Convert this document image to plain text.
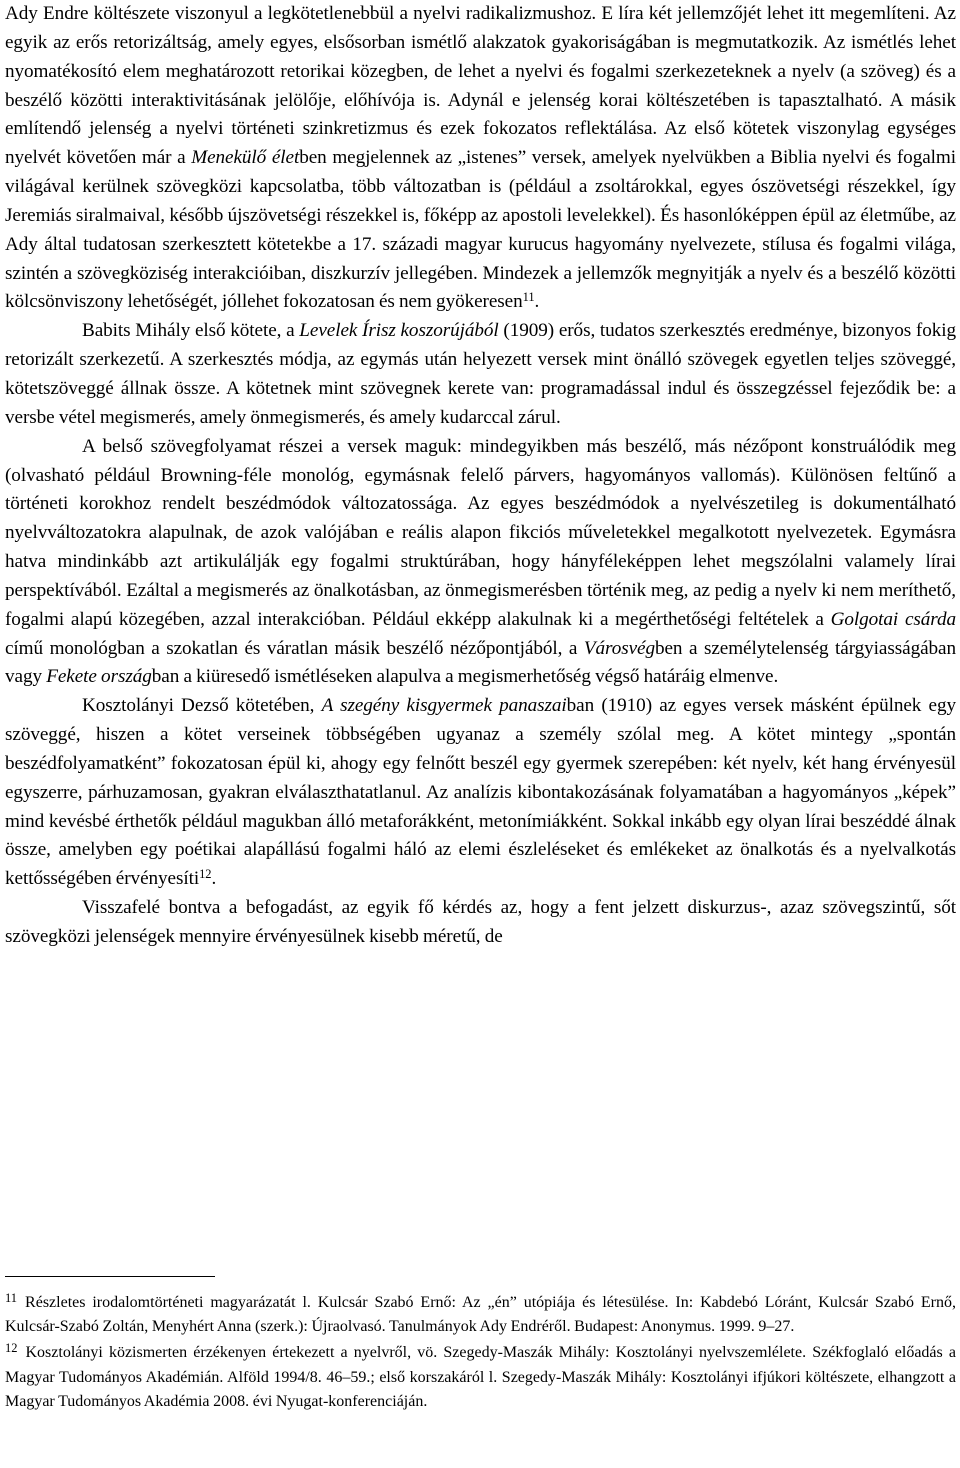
Ady Endre költészete viszonyul a legkötetlenebbül a nyelvi radikalizmushoz. E líra két jellemzőjét lehet itt megemlíteni. Az egyik az erős retorizáltság, amely egyes, elsősorban ismétlő alakzatok gyakoriságában is megmutatkozik. Az ismétlés lehet nyomatékosító elem meghatározott retorikai közegben, de lehet a nyelvi és fogalmi szerkezeteknek a nyelv (a szöveg) és a beszélő közötti interaktivitásának jelölője, előhívója is. Adynál e jelenség korai költészetében is tapasztalható. A másik említendő jelenség a nyelvi történeti szinkretizmus és ezek fokozatos reflektálása. Az első kötetek viszonylag egységes nyelvét követően már a Menekülő életben megjelennek az „istenes” versek, amelyek nyelvükben a Biblia nyelvi és fogalmi világával kerülnek szövegközi kapcsolatba, több változatban is (például a zsoltárokkal, egyes ószövetségi részekkel, így Jeremiás siralmaival, később újszövetségi részekkel is, főképp az apostoli levelekkel). És hasonlóképpen épül az életműbe, az Ady által tudatosan szerkesztett kötetekbe a 17. századi magyar kurucus hagyomány nyelvezete, stílusa és fogalmi világa, szintén a szövegköziség interakcióiban, diszkurzív jellegében. Mindezek a jellemzők megnyitják a nyelv és a beszélő közötti kölcsönviszony lehetőségét, jóllehet fokozatosan és nem gyökeresen$^{11}$.

Babits Mihály első kötete, a Levelek Írisz koszorújából (1909) erős, tudatos szerkesztés eredménye, bizonyos fokig retorizált szerkezetű. A szerkesztés módja, az egymás után helyezett versek mint önálló szövegek egyetlen teljes szöveggé, kötetszöveggé állnak össze. A kötetnek mint szövegnek kerete van: programadással indul és összegzéssel fejeződik be: a versbe vétel megismerés, amely önmegismerés, és amely kudarccal zárul.

A belső szövegfolyamat részei a versek maguk: mindegyikben más beszélő, más nézőpont konstruálódik meg (olvasható például Browning-féle monológ, egymásnak felelő párvers, hagyományos vallomás). Különösen feltűnő a történeti korokhoz rendelt beszédmódok változatossága. Az egyes beszédmódok a nyelvészetileg is dokumentálható nyelvváltozatokra alapulnak, de azok valójában e reális alapon fikciós műveletekkel megalkotott nyelvezetek. Egymásra hatva mindinkább azt artikulálják egy fogalmi struktúrában, hogy hányféleképpen lehet megszólalni valamely lírai perspektívából. Ezáltal a megismerés az önalkotásban, az önmegismerésben történik meg, az pedig a nyelv ki nem meríthető, fogalmi alapú közegében, azzal interakcióban. Például ekképp alakulnak ki a megérthetőségi feltételek a Golgotai csárda című monológban a szokatlan és váratlan másik beszélő nézőpontjából, a Városvégben a személytelenség tárgyiasságában vagy Fekete országban a kiüresedő ismétléseken alapulva a megismerhetőség végső határáig elmenve.

Kosztolányi Dezső kötetében, A szegény kisgyermek panaszaiban (1910) az egyes versek másként épülnek egy szöveggé, hiszen a kötet verseinek többségében ugyanaz a személy szólal meg. A kötet mintegy „spontán beszédfolyamatként” fokozatosan épül ki, ahogy egy felnőtt beszél egy gyermek szerepében: két nyelv, két hang érvényesül egyszerre, párhuzamosan, gyakran elválaszthatatlanul. Az analízis kibontakozásának folyamatában a hagyományos „képek” mind kevésbé érthetők például magukban álló metaforákként, metonímiákként. Sokkal inkább egy olyan lírai beszéddé álnak össze, amelyben egy poétikai alapállású fogalmi háló az elemi észleléseket és emlékeket az önalkotás és a nyelvalkotás kettősségében érvényesíti$^{12}$.

Visszafelé bontva a befogadást, az egyik fő kérdés az, hogy a fent jelzett diskurzus-, azaz szövegszintű, sőt szövegközi jelenségek mennyire érvényesülnek kisebb méretű, de

$^{11}$ Részletes irodalomtörténeti magyarázatát l. Kulcsár Szabó Ernő: Az „én” utópiája és létesülése. In: Kabdebó Lóránt, Kulcsár Szabó Ernő, Kulcsár-Szabó Zoltán, Menyhért Anna (szerk.): Újraolvasó. Tanulmányok Ady Endréről. Budapest: Anonymus. 1999. 9–27.

$^{12}$ Kosztolányi közismerten érzékenyen értekezett a nyelvről, vö. Szegedy-Maszák Mihály: Kosztolányi nyelvszemlélete. Székfoglaló előadás a Magyar Tudományos Akadémián. Alföld 1994/8. 46–59.; első korszakáról l. Szegedy-Maszák Mihály: Kosztolányi ifjúkori költészete, elhangzott a Magyar Tudományos Akadémia 2008. évi Nyugat-konferenciáján.
